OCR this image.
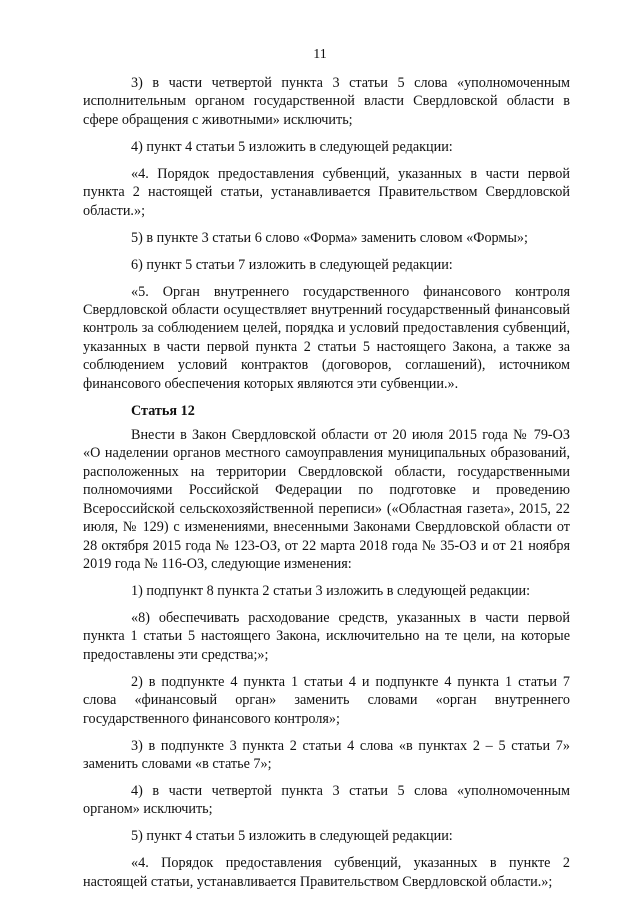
11

3) в части четвертой пункта 3 статьи 5 слова «уполномоченным исполнительным органом государственной власти Свердловской области в сфере обращения с животными» исключить;

4) пункт 4 статьи 5 изложить в следующей редакции:

«4. Порядок предоставления субвенций, указанных в части первой пункта 2 настоящей статьи, устанавливается Правительством Свердловской области.»;

5) в пункте 3 статьи 6 слово «Форма» заменить словом «Формы»;

6) пункт 5 статьи 7 изложить в следующей редакции:

«5. Орган внутреннего государственного финансового контроля Свердловской области осуществляет внутренний государственный финансовый контроль за соблюдением целей, порядка и условий предоставления субвенций, указанных в части первой пункта 2 статьи 5 настоящего Закона, а также за соблюдением условий контрактов (договоров, соглашений), источником финансового обеспечения которых являются эти субвенции.».

Статья 12

Внести в Закон Свердловской области от 20 июля 2015 года № 79-ОЗ «О наделении органов местного самоуправления муниципальных образований, расположенных на территории Свердловской области, государственными полномочиями Российской Федерации по подготовке и проведению Всероссийской сельскохозяйственной переписи» («Областная газета», 2015, 22 июля, № 129) с изменениями, внесенными Законами Свердловской области от 28 октября 2015 года № 123-ОЗ, от 22 марта 2018 года № 35-ОЗ и от 21 ноября 2019 года № 116-ОЗ, следующие изменения:

1) подпункт 8 пункта 2 статьи 3 изложить в следующей редакции:

«8) обеспечивать расходование средств, указанных в части первой пункта 1 статьи 5 настоящего Закона, исключительно на те цели, на которые предоставлены эти средства;»;

2) в подпункте 4 пункта 1 статьи 4 и подпункте 4 пункта 1 статьи 7 слова «финансовый орган» заменить словами «орган внутреннего государственного финансового контроля»;

3) в подпункте 3 пункта 2 статьи 4 слова «в пунктах 2 – 5 статьи 7» заменить словами «в статье 7»;

4) в части четвертой пункта 3 статьи 5 слова «уполномоченным органом» исключить;

5) пункт 4 статьи 5 изложить в следующей редакции:

«4. Порядок предоставления субвенций, указанных в пункте 2 настоящей статьи, устанавливается Правительством Свердловской области.»;
